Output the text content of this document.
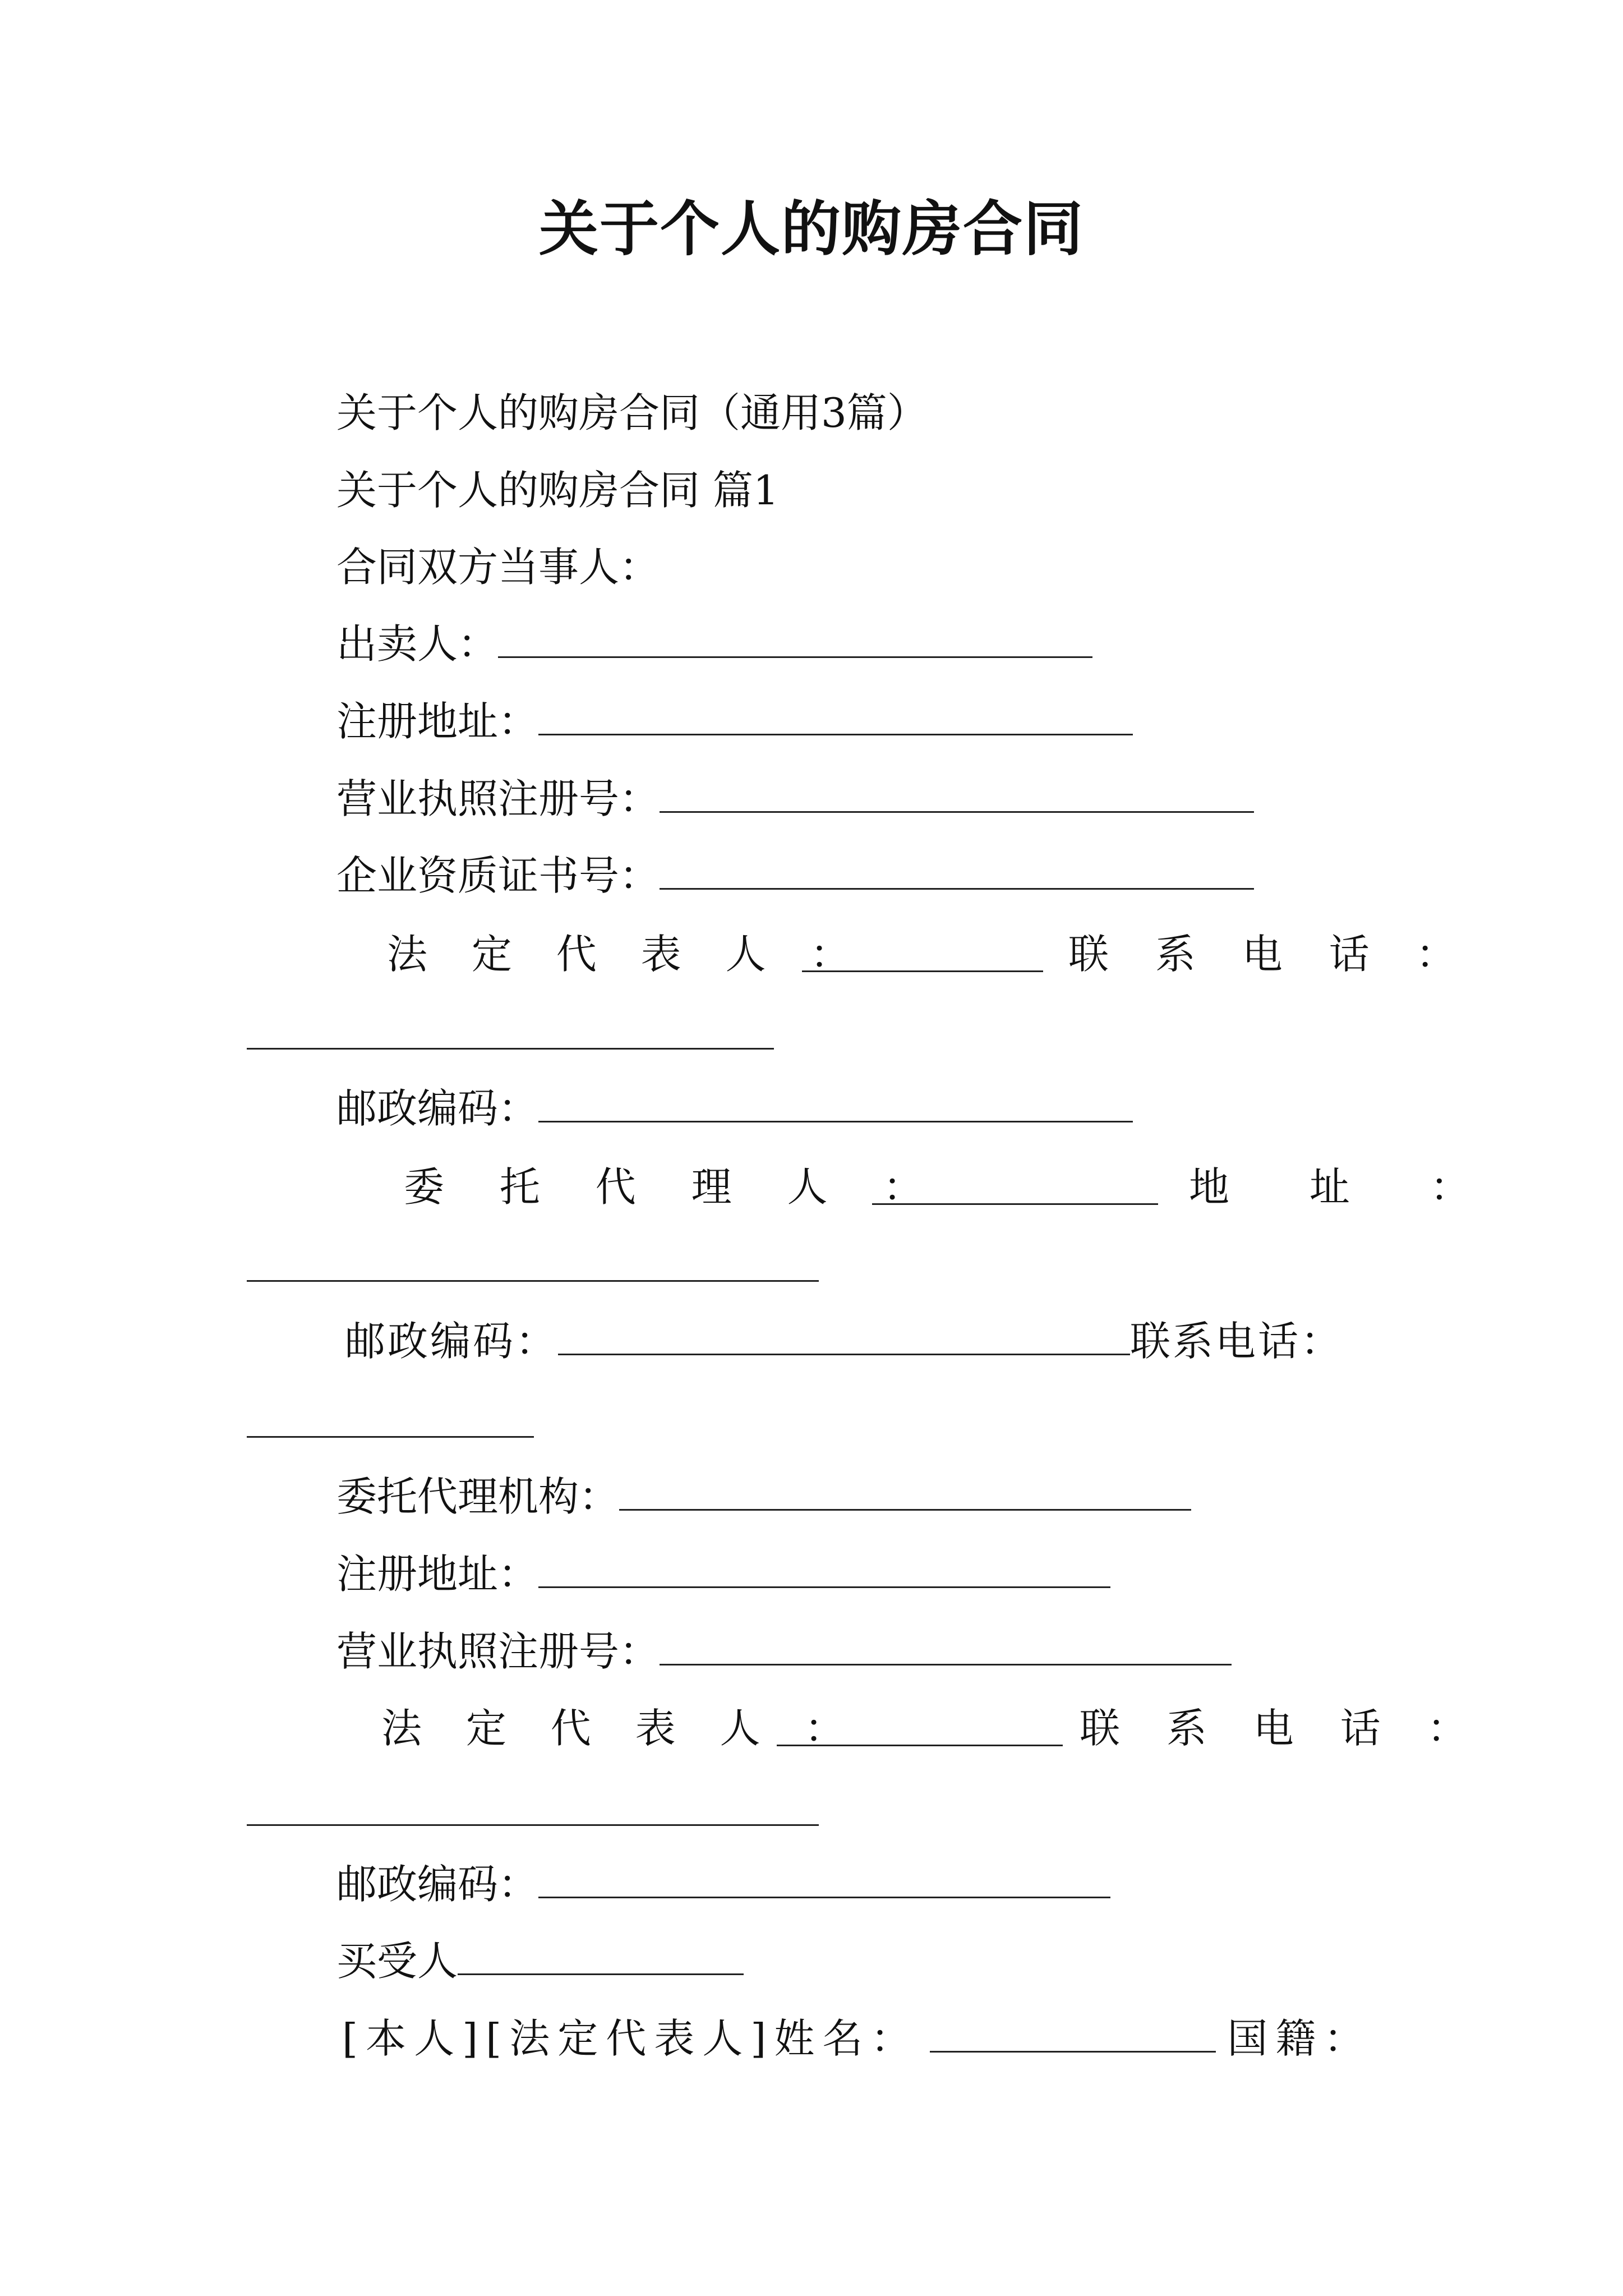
关于个人的购房合同
关于个人的购房合同（通用3篇）
关于个人的购房合同 篇1
合同双方当事人：
出卖人：
注册地址：
营业执照注册号：
企业资质证书号：
法 定 代 表 人 ：	联 系 电 话 ：
邮政编码：
委 托 代 理 人 ：	地 址 ：
邮政编码：	联系电话：
委托代理机构：
注册地址：
营业执照注册号：
法 定 代 表 人 ：	联 系 电 话 ：
邮政编码：
买受人
[本人][法定代表人]姓名：	国籍：
